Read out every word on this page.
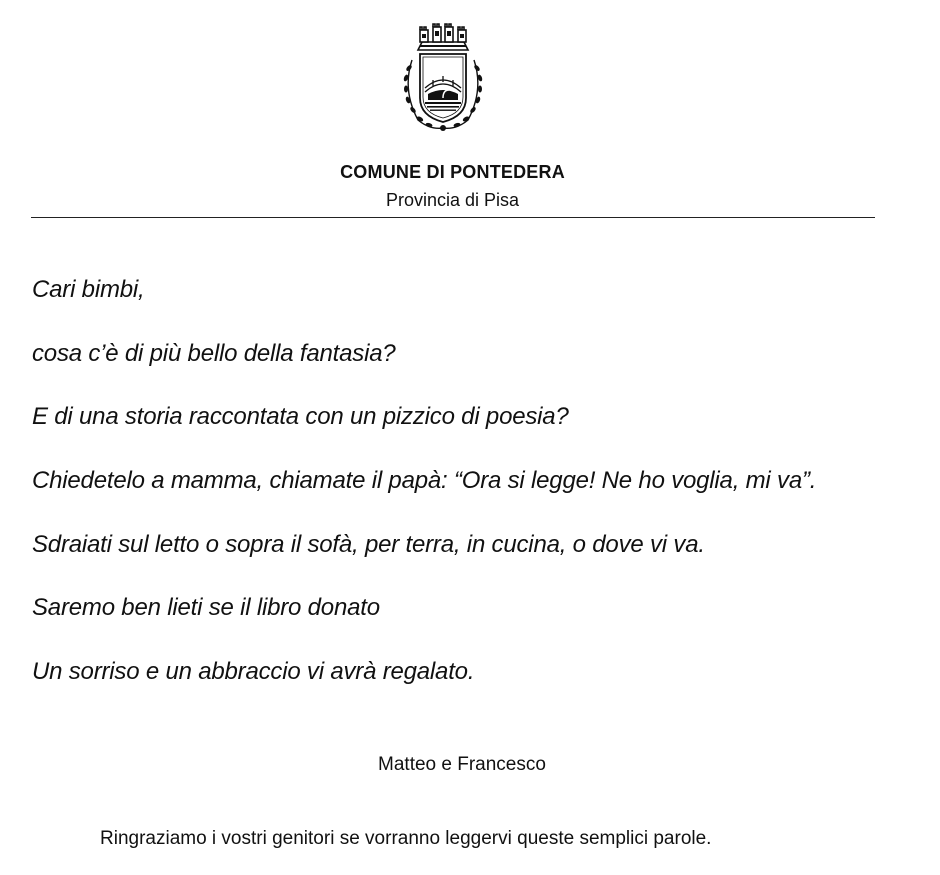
COMUNE DI PONTEDERA
Provincia di Pisa
Cari bimbi,
cosa c’è di più bello della fantasia?
E di una storia raccontata con un pizzico di poesia?
Chiedetelo a mamma, chiamate il papà: “Ora si legge! Ne ho voglia, mi va”.
Sdraiati sul letto o sopra il sofà, per terra, in cucina, o dove vi va.
Saremo ben lieti se il libro donato
Un sorriso e un abbraccio vi avrà regalato.
Matteo e Francesco
Ringraziamo i vostri genitori se vorranno leggervi queste semplici parole.
